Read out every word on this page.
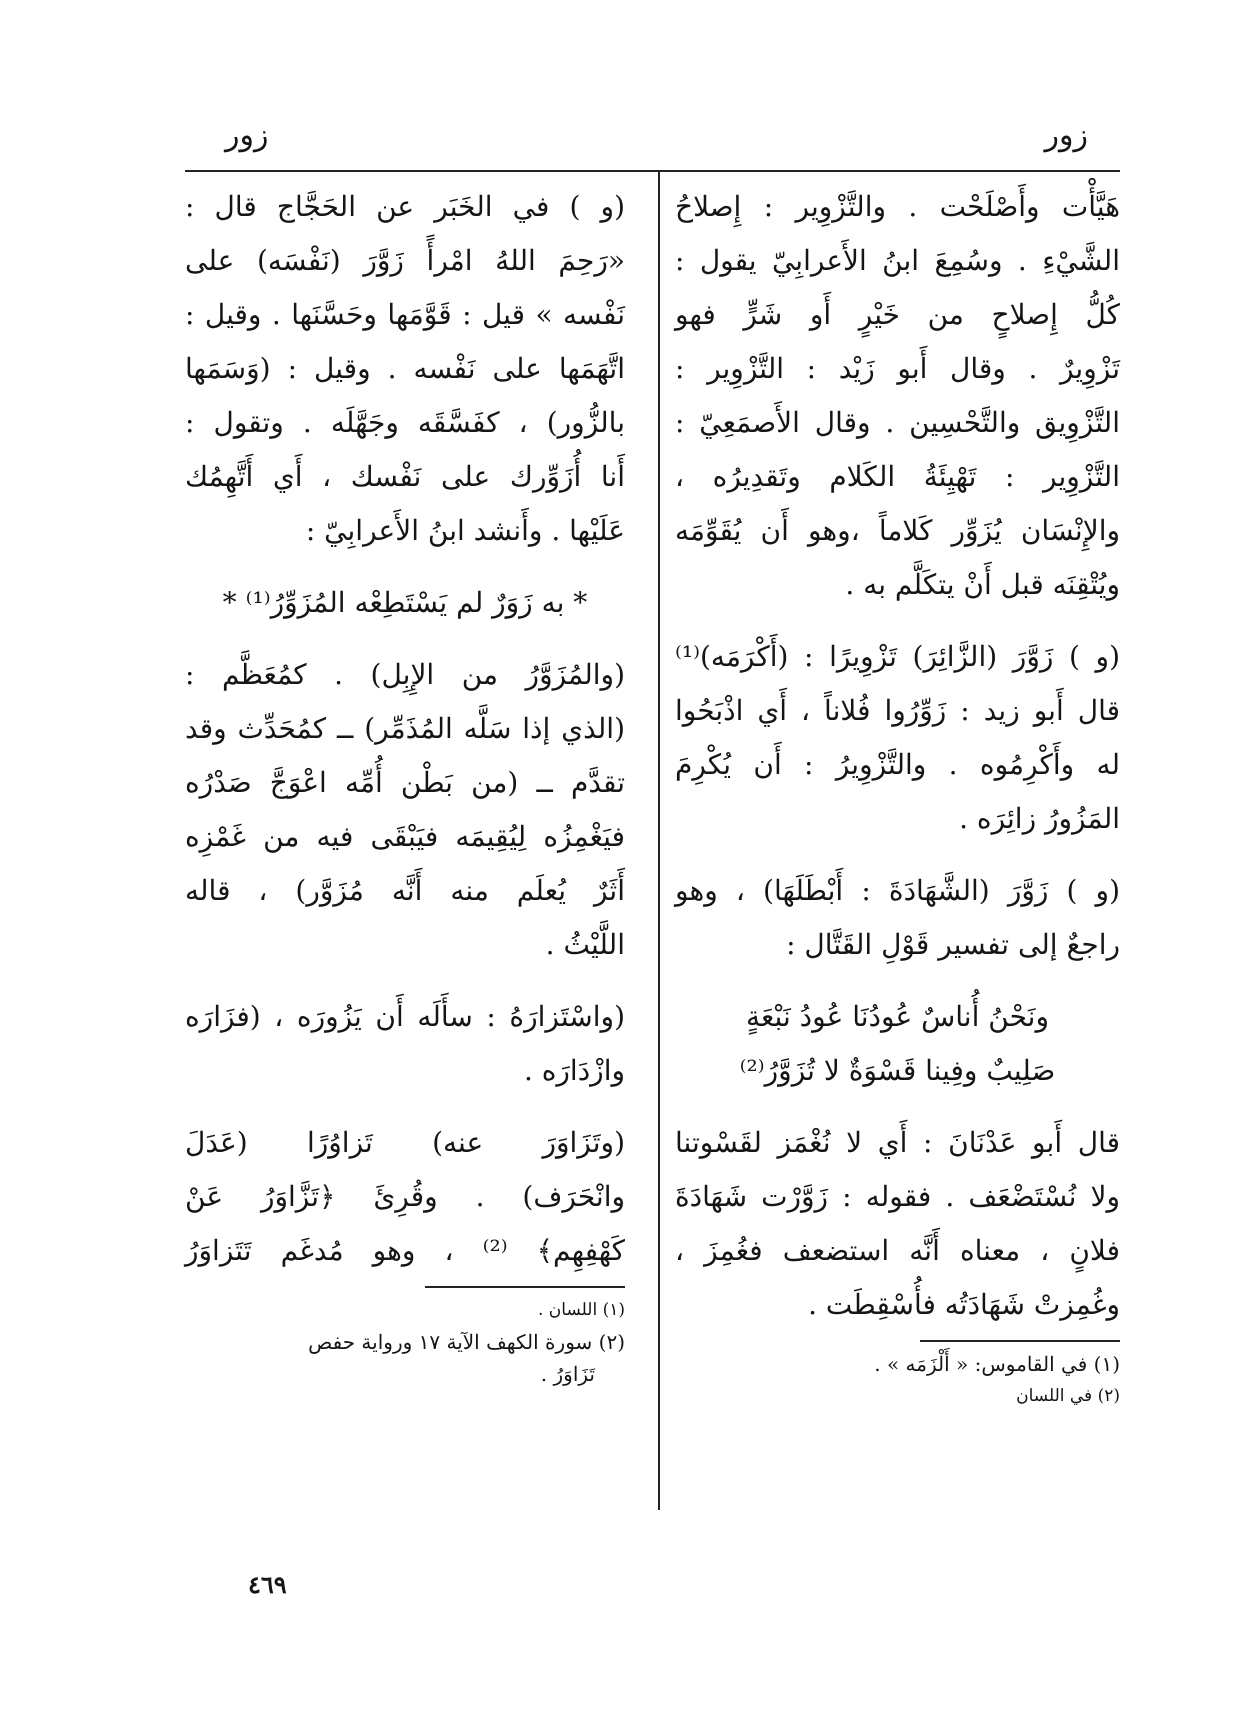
زور
زور
هَيَّأْت وأَصْلَحْت . والتَّزْوِير : إِصلاحُ
الشَّيْءِ . وسُمِعَ ابنُ الأَعرابِيّ يقول :
كُلُّ إِصلاحٍ من خَيْرٍ أَو شَرٍّ فهو
تَزْوِيرٌ . وقال أَبو زَيْد : التَّزْوِير :
التَّزْوِيق والتَّحْسِين . وقال الأَصمَعِيّ :
التَّزْوِير : تَهْيِئَةُ الكَلام وتَقدِيرُه ،
والإِنْسَان يُزَوِّر كَلاماً ،وهو أَن يُقَوِّمَه
ويُتْقِنَه قبل أَنْ يتكَلَّم به .
(و ) زَوَّرَ (الزَّائِرَ) تَزْوِيرًا : (أَكْرَمَه)⁽¹⁾
قال أَبو زيد : زَوِّرُوا فُلاناً ، أَي اذْبَحُوا
له وأَكْرِمُوه . والتَّزْوِيرُ : أَن يُكْرِمَ
المَزُورُ زائِرَه .
(و ) زَوَّرَ (الشَّهَادَةَ : أَبْطَلَهَا) ، وهو
راجعٌ إلى تفسير قَوْلِ القَتَّال :
ونَحْنُ أُناسٌ عُودُنَا عُودُ نَبْعَةٍ
صَلِيبٌ وفِينا قَسْوَةٌ لا تُزَوَّرُ⁽²⁾
قال أَبو عَدْنَانَ : أَي لا نُغْمَز لقَسْوتنا
ولا نُسْتَضْعَف . فقوله : زَوَّرْت شَهَادَةَ
فلانٍ ، معناه أَنَّه استضعف فغُمِزَ ،
وغُمِزتْ شَهَادَتُه فأُسْقِطَت .
(١) في القاموس: « أَلْزَمَه » .
(٢) في اللسان
(و ) في الخَبَر عن الحَجَّاج قال :
«رَحِمَ اللهُ امْرأً زَوَّرَ (نَفْسَه) على
نَفْسه » قيل : قَوَّمَها وحَسَّنَها . وقيل :
اتَّهَمَها على نَفْسه . وقيل : (وَسَمَها
بالزُّور) ، كفَسَّقَه وجَهَّلَه . وتقول :
أَنا أُزَوِّرك على نَفْسك ، أَي أَتَّهِمُك
عَلَيْها . وأَنشد ابنُ الأَعرابِيّ :
* به زَوَرٌ لم يَسْتَطِعْه المُزَوِّرُ⁽¹⁾ *
(والمُزَوَّرُ من الإِبِل) . كمُعَظَّم :
(الذي إذا سَلَّه المُذَمِّر) ــ كمُحَدِّث وقد
تقدَّم ــ (من بَطْن أُمِّه اعْوَجَّ صَدْرُه
فيَغْمِزُه لِيُقِيمَه فيَبْقَى فيه من غَمْزِه
أَثَرٌ يُعلَم منه أَنَّه مُزَوَّر) ، قاله
اللَّيْثُ .
(واسْتَزارَهُ : سأَلَه أَن يَزُورَه ، (فزَارَه
وازْدَارَه .
(وتَزَاوَرَ عنه) تَزاوُرًا (عَدَلَ
وانْحَرَف) . وقُرِئَ ﴿تَزَّاوَرُ عَنْ
كَهْفِهِم﴾ ⁽²⁾ ، وهو مُدغَم تَتَزاوَرُ
(١) اللسان .
(٢) سورة الكهف الآية ١٧ ورواية حفص
تَزَاوَرُ .
٤٦٩
